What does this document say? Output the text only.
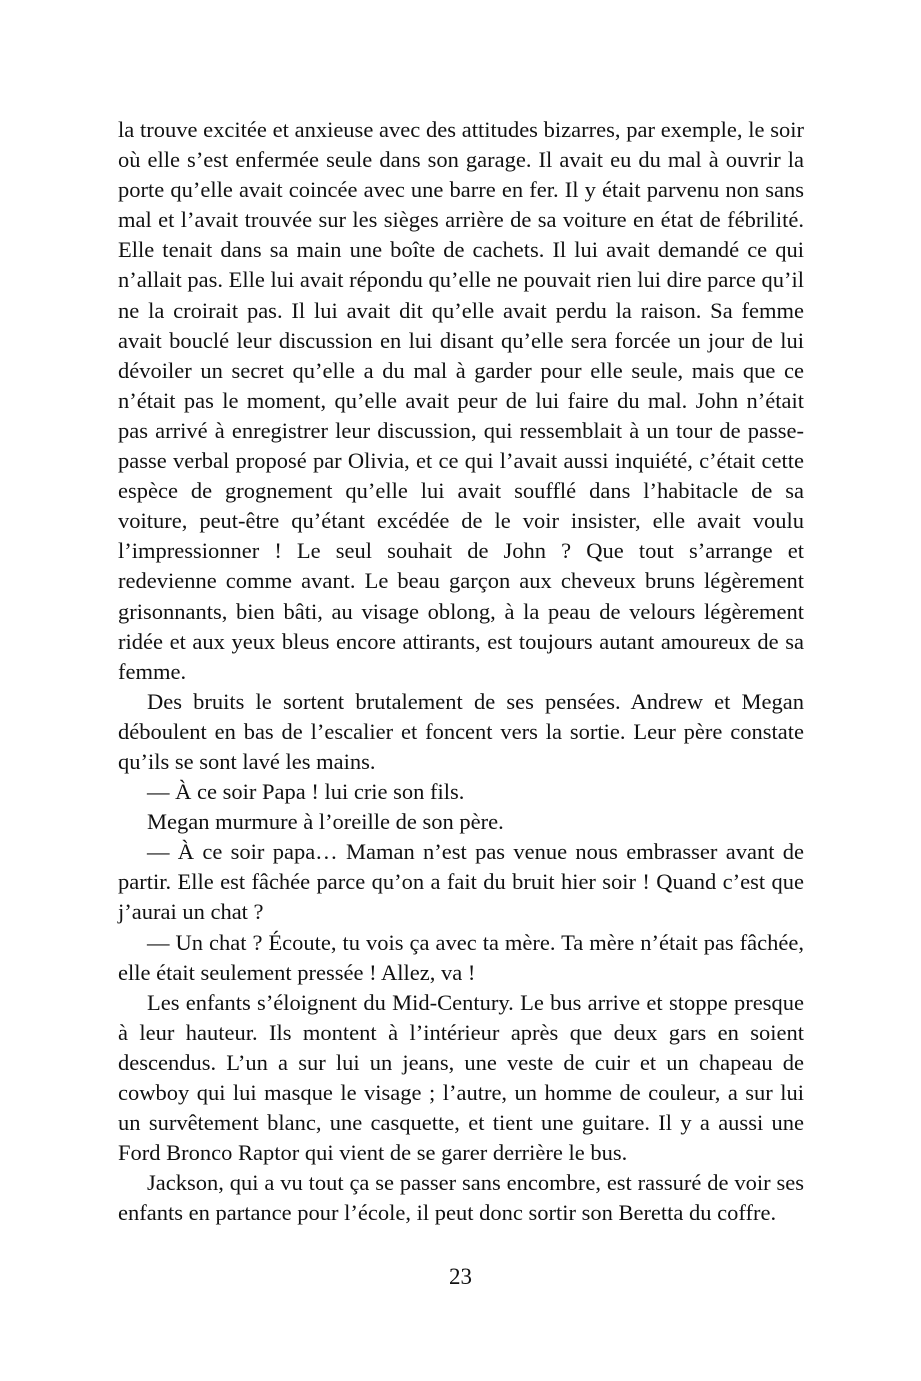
la trouve excitée et anxieuse avec des attitudes bizarres, par exemple, le soir où elle s’est enfermée seule dans son garage. Il avait eu du mal à ouvrir la porte qu’elle avait coincée avec une barre en fer. Il y était parvenu non sans mal et l’avait trouvée sur les sièges arrière de sa voiture en état de fébrilité. Elle tenait dans sa main une boîte de cachets. Il lui avait demandé ce qui n’allait pas. Elle lui avait répondu qu’elle ne pouvait rien lui dire parce qu’il ne la croirait pas. Il lui avait dit qu’elle avait perdu la raison. Sa femme avait bouclé leur discussion en lui disant qu’elle sera forcée un jour de lui dévoiler un secret qu’elle a du mal à garder pour elle seule, mais que ce n’était pas le moment, qu’elle avait peur de lui faire du mal. John n’était pas arrivé à enregistrer leur discussion, qui ressemblait à un tour de passe-passe verbal proposé par Olivia, et ce qui l’avait aussi inquiété, c’était cette espèce de grognement qu’elle lui avait soufflé dans l’habitacle de sa voiture, peut-être qu’étant excédée de le voir insister, elle avait voulu l’impressionner ! Le seul souhait de John ? Que tout s’arrange et redevienne comme avant. Le beau garçon aux cheveux bruns légèrement grisonnants, bien bâti, au visage oblong, à la peau de velours légèrement ridée et aux yeux bleus encore attirants, est toujours autant amoureux de sa femme.

Des bruits le sortent brutalement de ses pensées. Andrew et Megan déboulent en bas de l’escalier et foncent vers la sortie. Leur père constate qu’ils se sont lavé les mains.

— À ce soir Papa ! lui crie son fils.

Megan murmure à l’oreille de son père.

— À ce soir papa… Maman n’est pas venue nous embrasser avant de partir. Elle est fâchée parce qu’on a fait du bruit hier soir ! Quand c’est que j’aurai un chat ?

— Un chat ? Écoute, tu vois ça avec ta mère. Ta mère n’était pas fâchée, elle était seulement pressée ! Allez, va !

Les enfants s’éloignent du Mid-Century. Le bus arrive et stoppe presque à leur hauteur. Ils montent à l’intérieur après que deux gars en soient descendus. L’un a sur lui un jeans, une veste de cuir et un chapeau de cowboy qui lui masque le visage ; l’autre, un homme de couleur, a sur lui un survêtement blanc, une casquette, et tient une guitare. Il y a aussi une Ford Bronco Raptor qui vient de se garer derrière le bus.

Jackson, qui a vu tout ça se passer sans encombre, est rassuré de voir ses enfants en partance pour l’école, il peut donc sortir son Beretta du coffre.

23
